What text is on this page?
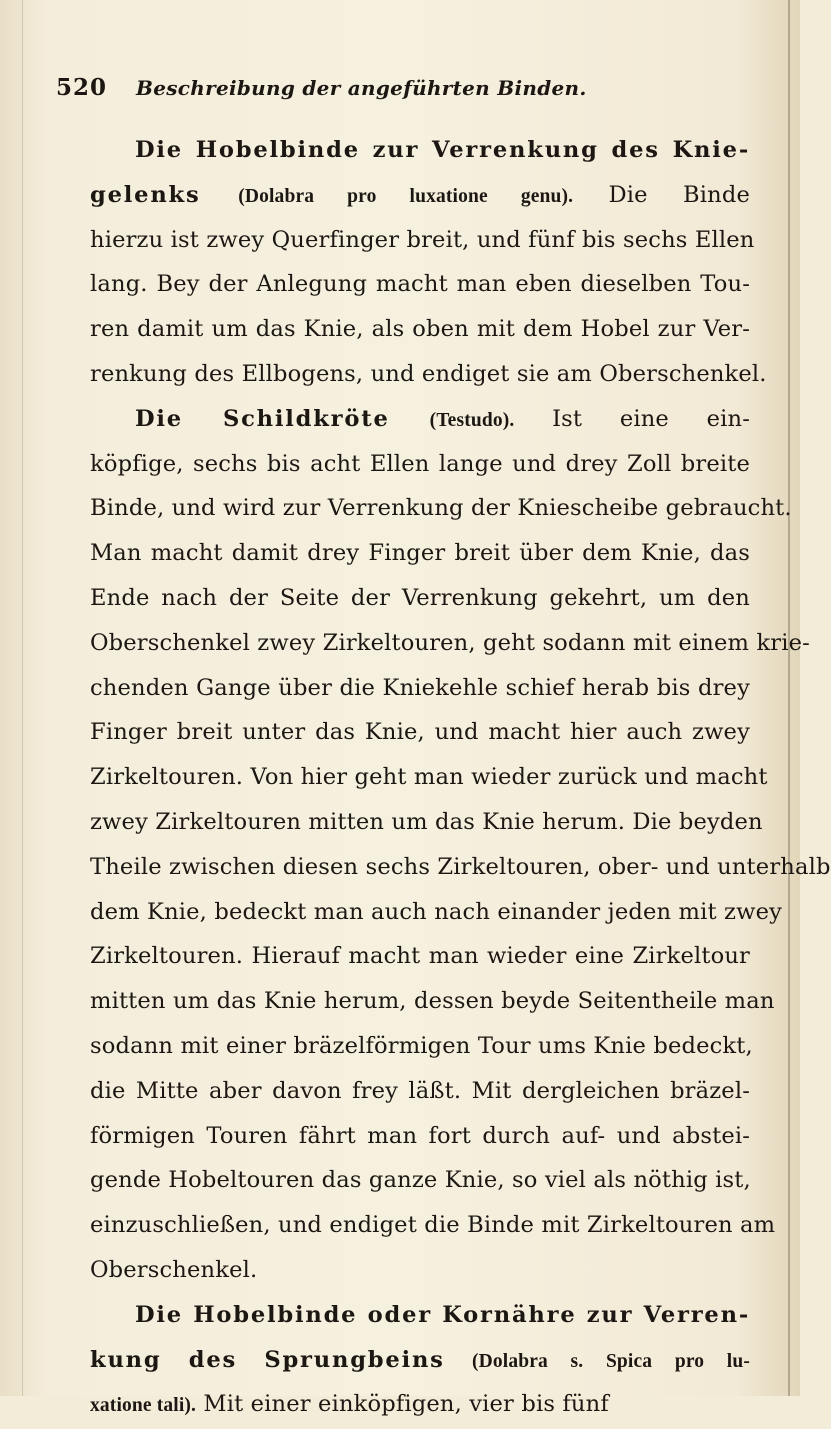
520 Beschreibung der angeführten Binden.
Die Hobelbinde zur Verrenkung des Knie-
gelenks (Dolabra pro luxatione genu). Die Binde
hierzu ist zwey Querfinger breit, und fünf bis sechs Ellen
lang. Bey der Anlegung macht man eben dieselben Tou-
ren damit um das Knie, als oben mit dem Hobel zur Ver-
renkung des Ellbogens, und endiget sie am Oberschenkel.
Die Schildkröte (Testudo). Ist eine ein-
köpfige, sechs bis acht Ellen lange und drey Zoll breite
Binde, und wird zur Verrenkung der Kniescheibe gebraucht.
Man macht damit drey Finger breit über dem Knie, das
Ende nach der Seite der Verrenkung gekehrt, um den
Oberschenkel zwey Zirkeltouren, geht sodann mit einem krie-
chenden Gange über die Kniekehle schief herab bis drey
Finger breit unter das Knie, und macht hier auch zwey
Zirkeltouren. Von hier geht man wieder zurück und macht
zwey Zirkeltouren mitten um das Knie herum. Die beyden
Theile zwischen diesen sechs Zirkeltouren, ober- und unterhalb
dem Knie, bedeckt man auch nach einander jeden mit zwey
Zirkeltouren. Hierauf macht man wieder eine Zirkeltour
mitten um das Knie herum, dessen beyde Seitentheile man
sodann mit einer bräzelförmigen Tour ums Knie bedeckt,
die Mitte aber davon frey läßt. Mit dergleichen bräzel-
förmigen Touren fährt man fort durch auf- und abstei-
gende Hobeltouren das ganze Knie, so viel als nöthig ist,
einzuschließen, und endiget die Binde mit Zirkeltouren am
Oberschenkel.
Die Hobelbinde oder Kornähre zur Verren-
kung des Sprungbeins (Dolabra s. Spica pro lu-
xatione tali). Mit einer einköpfigen, vier bis fünf
